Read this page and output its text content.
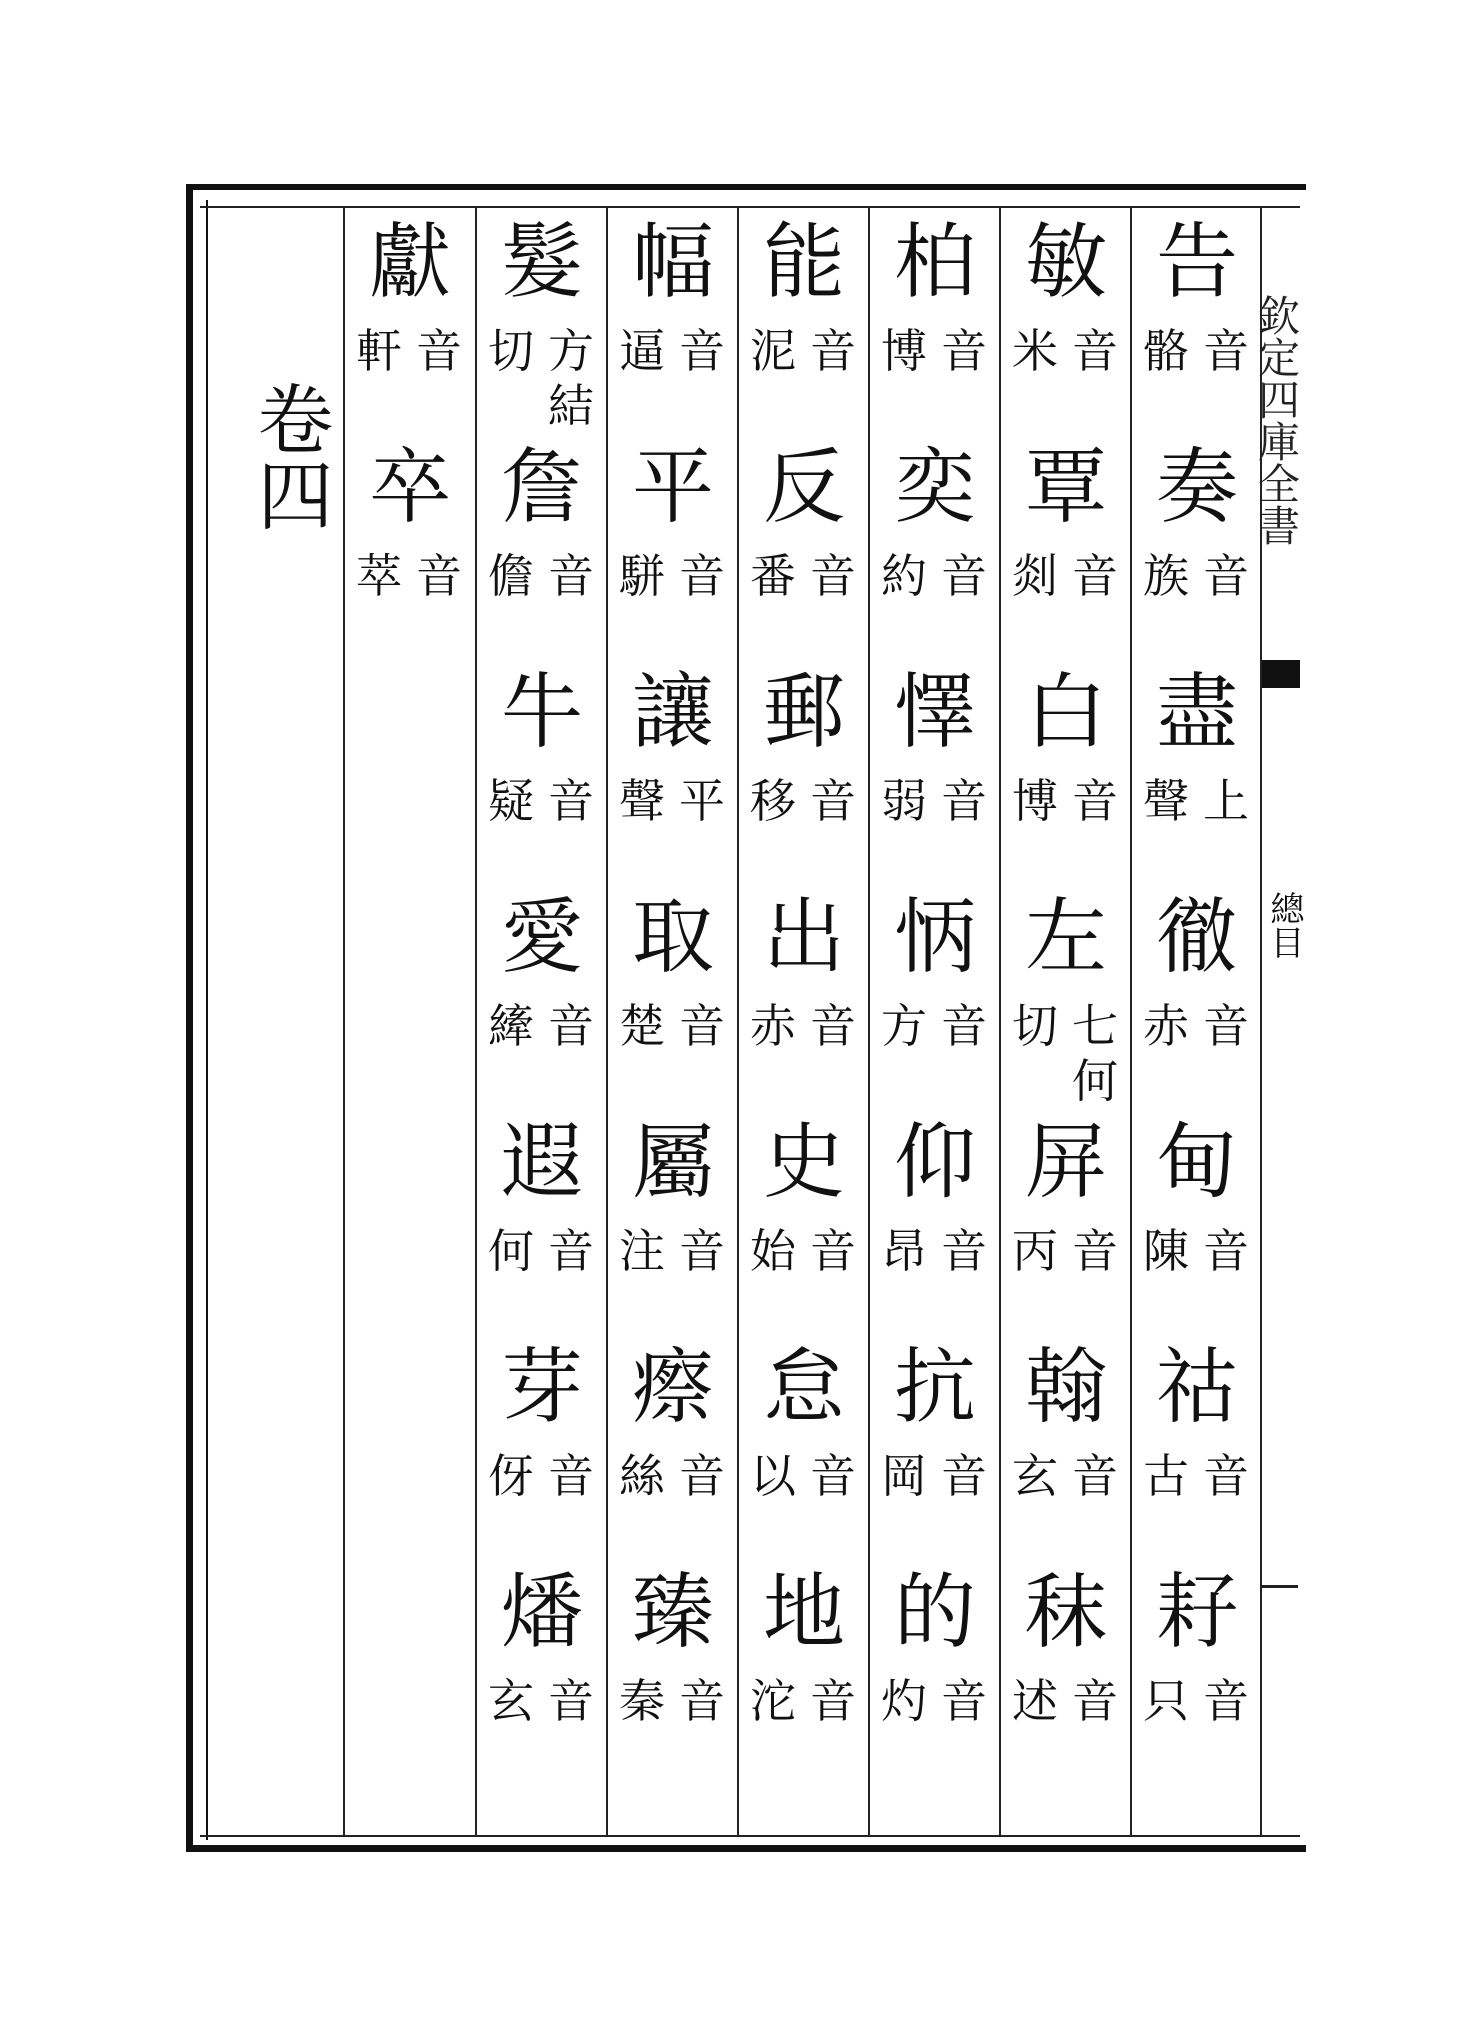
卷四	欽定四庫全書
總目
告
音
骼
奏
音
族
盡
上
聲
徹
音
赤
甸
音
陳
祜
音
古
耔
音
只
敏
音
米
覃
音
剡
白
音
博
左
七
切
何
屏
音
丙
翰
音
玄
秣
音
述
柏
音
博
奕
音
約
懌
音
弱
怲
音
方
仰
音
昂
抗
音
岡
的
音
灼
能
音
泥
反
音
番
郵
音
移
出
音
赤
史
音
始
怠
音
以
地
音
沱
幅
音
逼
平
音
駢
讓
平
聲
取
音
楚
屬
音
注
瘵
音
絲
臻
音
秦
髮
方
切
結
詹
音
儋
牛
音
疑
愛
音
縴
遐
音
何
芽
音
伢
燔
音
玄
獻
音
軒
卒
音
萃
